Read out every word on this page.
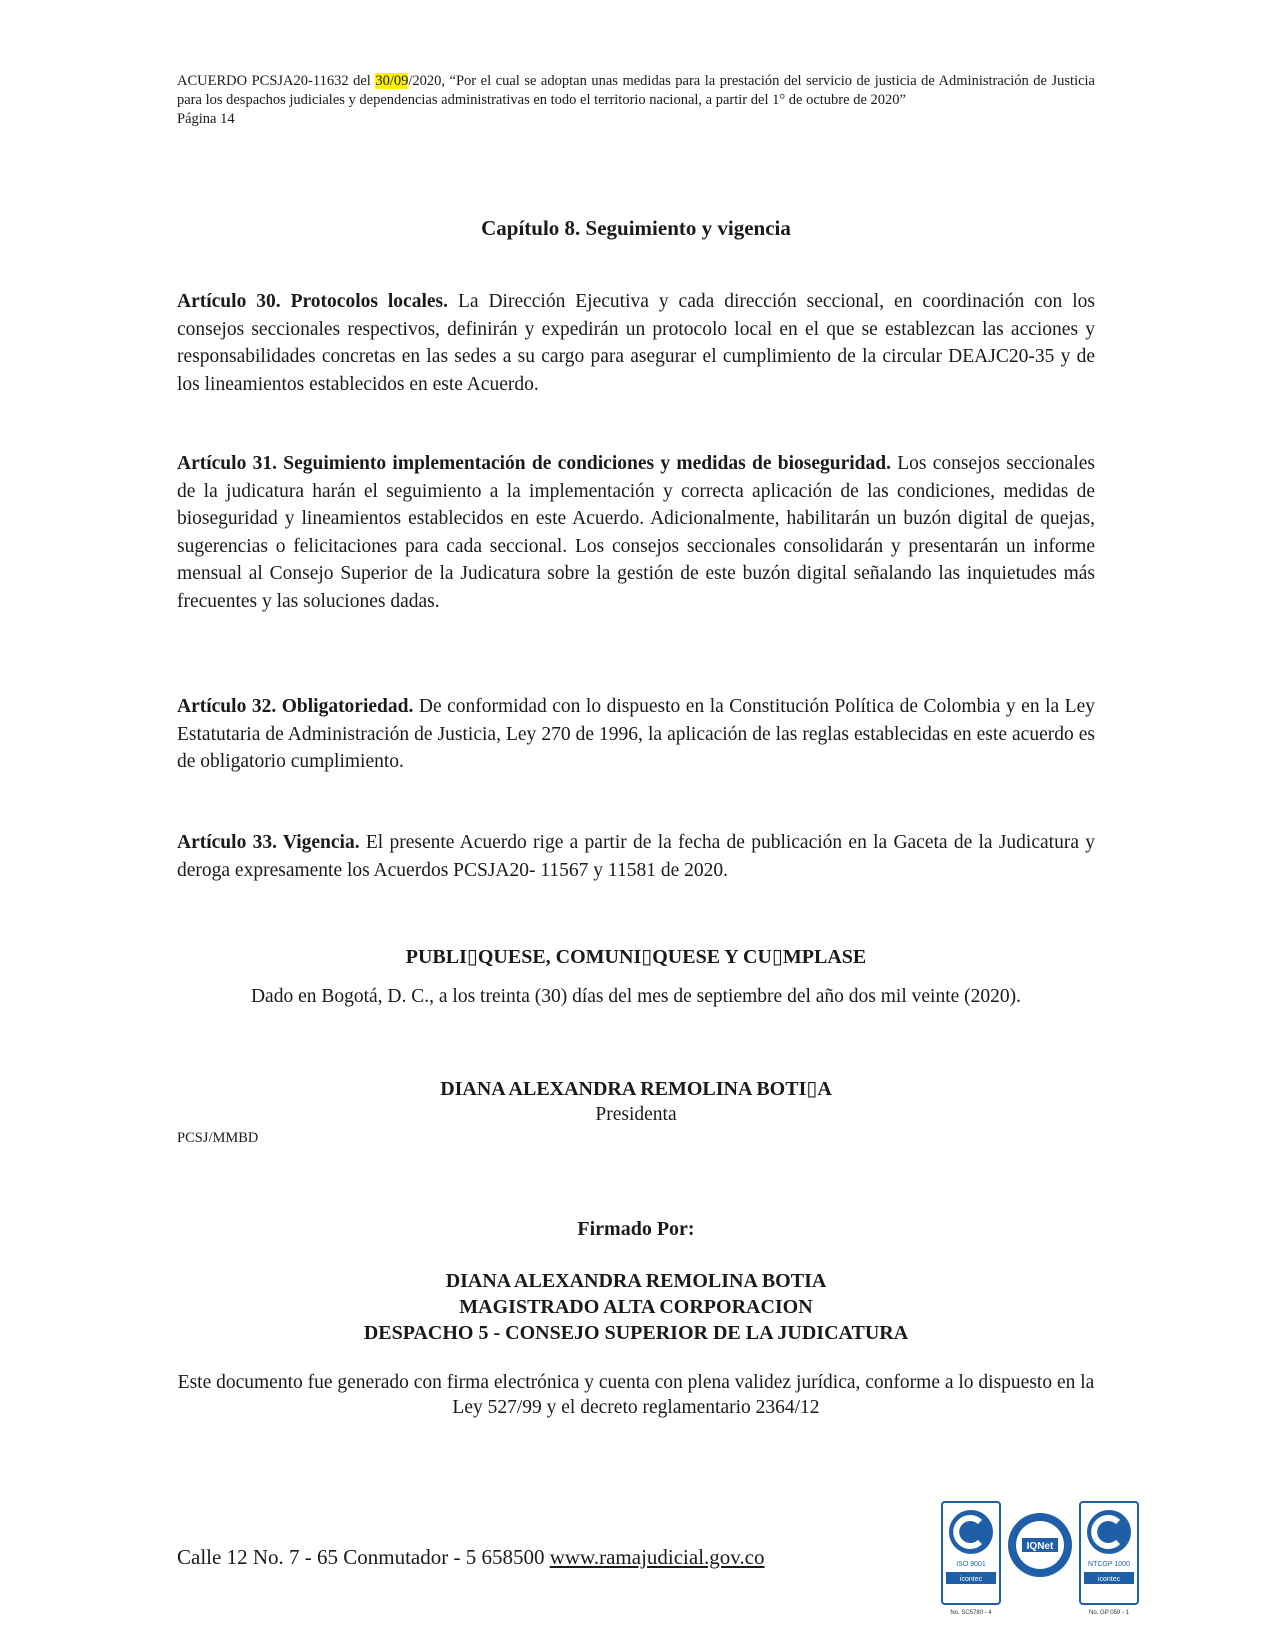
ACUERDO PCSJA20-11632 del 30/09/2020, “Por el cual se adoptan unas medidas para la prestación del servicio de justicia de Administración de Justicia para los despachos judiciales y dependencias administrativas en todo el territorio nacional, a partir del 1° de octubre de 2020”
Página 14
Capítulo 8. Seguimiento y vigencia
Artículo 30. Protocolos locales. La Dirección Ejecutiva y cada dirección seccional, en coordinación con los consejos seccionales respectivos, definirán y expedirán un protocolo local en el que se establezcan las acciones y responsabilidades concretas en las sedes a su cargo para asegurar el cumplimiento de la circular DEAJC20-35 y de los lineamientos establecidos en este Acuerdo.
Artículo 31. Seguimiento implementación de condiciones y medidas de bioseguridad. Los consejos seccionales de la judicatura harán el seguimiento a la implementación y correcta aplicación de las condiciones, medidas de bioseguridad y lineamientos establecidos en este Acuerdo. Adicionalmente, habilitarán un buzón digital de quejas, sugerencias o felicitaciones para cada seccional. Los consejos seccionales consolidarán y presentarán un informe mensual al Consejo Superior de la Judicatura sobre la gestión de este buzón digital señalando las inquietudes más frecuentes y las soluciones dadas.
Artículo 32. Obligatoriedad. De conformidad con lo dispuesto en la Constitución Política de Colombia y en la Ley Estatutaria de Administración de Justicia, Ley 270 de 1996, la aplicación de las reglas establecidas en este acuerdo es de obligatorio cumplimiento.
Artículo 33. Vigencia. El presente Acuerdo rige a partir de la fecha de publicación en la Gaceta de la Judicatura y deroga expresamente los Acuerdos PCSJA20- 11567 y 11581 de 2020.
PUBLI▯QUESE, COMUNI▯QUESE Y CU▯MPLASE
Dado en Bogotá, D. C., a los treinta (30) días del mes de septiembre del año dos mil veinte (2020).
DIANA ALEXANDRA REMOLINA BOTI▯A
Presidenta
PCSJ/MMBD
Firmado Por:
DIANA ALEXANDRA REMOLINA BOTIA
MAGISTRADO ALTA CORPORACION
DESPACHO 5 - CONSEJO SUPERIOR DE LA JUDICATURA
Este documento fue generado con firma electrónica y cuenta con plena validez jurídica, conforme a lo dispuesto en la Ley 527/99 y el decreto reglamentario 2364/12
Calle 12 No. 7 - 65 Conmutador - 5 658500 www.ramajudicial.gov.co	ISO 9001
icontec
No. SC5780 - 4
IQNet
NTCGP 1000
icontec
No. GP 059 - 1
